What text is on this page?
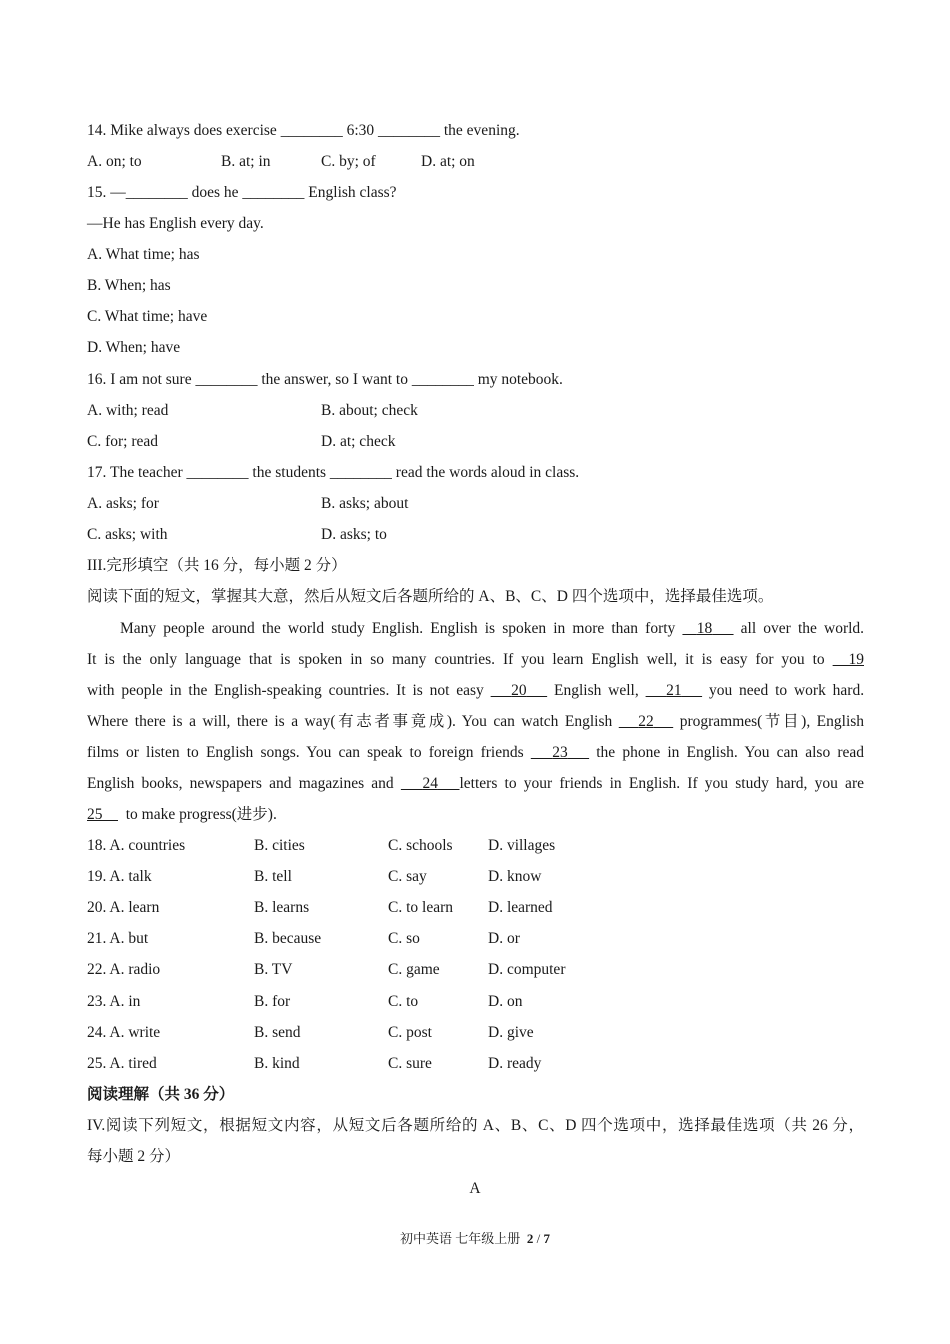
14. Mike always does exercise ________ 6:30 ________ the evening.
A. on; to	B. at; in	C. by; of	D. at; on
15. —________ does he ________ English class?
—He has English every day.
A. What time; has
B. When; has
C. What time; have
D. When; have
16. I am not sure ________ the answer, so I want to ________ my notebook.
A. with; read	B. about; check
C. for; read	D. at; check
17. The teacher ________ the students ________ read the words aloud in class.
A. asks; for	B. asks; about
C. asks; with	D. asks; to
III.完形填空（共 16 分，每小题 2 分）
阅读下面的短文，掌握其大意，然后从短文后各题所给的 A、B、C、D 四个选项中，选择最佳选项。
Many people around the world study English. English is spoken in more than forty 18 all over the world.
It is the only language that is spoken in so many countries. If you learn English well, it is easy for you to 19
with people in the English-speaking countries. It is not easy 20 English well, 21 you need to work hard.
Where there is a will, there is a way(有志者事竟成). You can watch English 22 programmes(节目), English
films or listen to English songs. You can speak to foreign friends 23 the phone in English. You can also read
English books, newspapers and magazines and 24 letters to your friends in English. If you study hard, you are
25 to make progress(进步).
18. A. countries	B. cities	C. schools D. villages
19. A. talk	B. tell	C. say	D. know
20. A. learn	B. learns	C. to learn D. learned
21. A. but	B. because	C. so	D. or
22. A. radio	B. TV	C. game	D. computer
23. A. in	B. for	C. to	D. on
24. A. write	B. send	C. post	D. give
25. A. tired	B. kind	C. sure	D. ready
阅读理解（共 36 分）
IV.阅读下列短文，根据短文内容，从短文后各题所给的 A、B、C、D 四个选项中，选择最佳选项（共 26 分，
每小题 2 分）
A
初中英语 七年级上册 2 / 7
